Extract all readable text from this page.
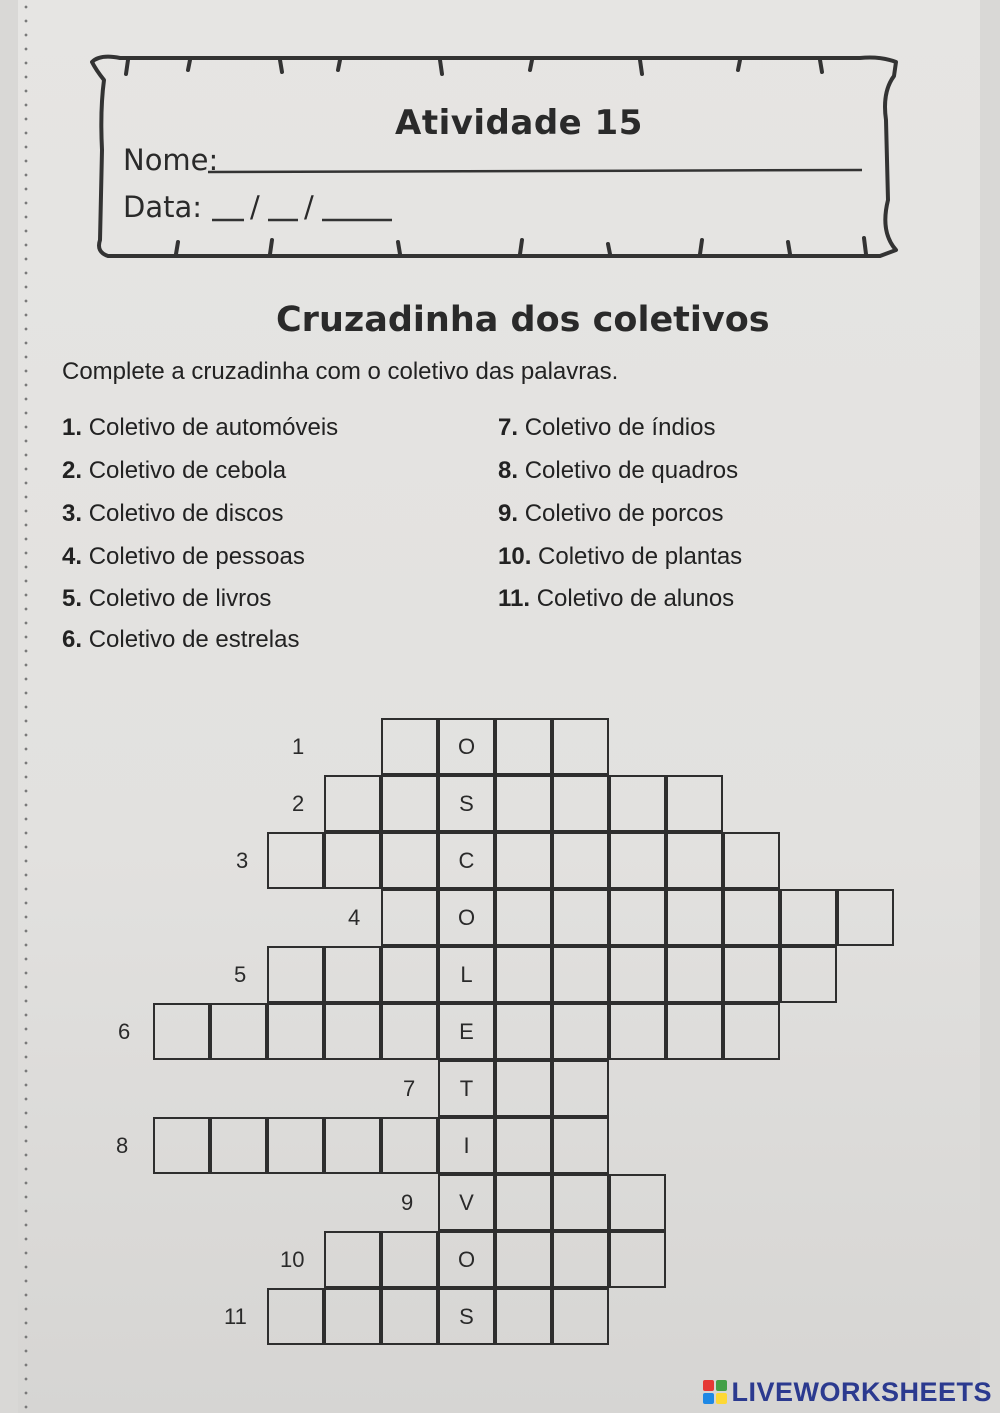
Atividade 15
Nome:
Data: / /
Cruzadinha dos coletivos
Complete a cruzadinha com o coletivo das palavras.
1. Coletivo de automóveis
2. Coletivo de cebola
3. Coletivo de discos
4. Coletivo de pessoas
5. Coletivo de livros
6. Coletivo de estrelas
7. Coletivo de índios
8. Coletivo de quadros
9. Coletivo de porcos
10. Coletivo de plantas
11. Coletivo de alunos
1	O
2	S
3	C
4	O
5	L
6	E
7	T
8	I
9	V
10	O
11	S
LIVEWORKSHEETS
